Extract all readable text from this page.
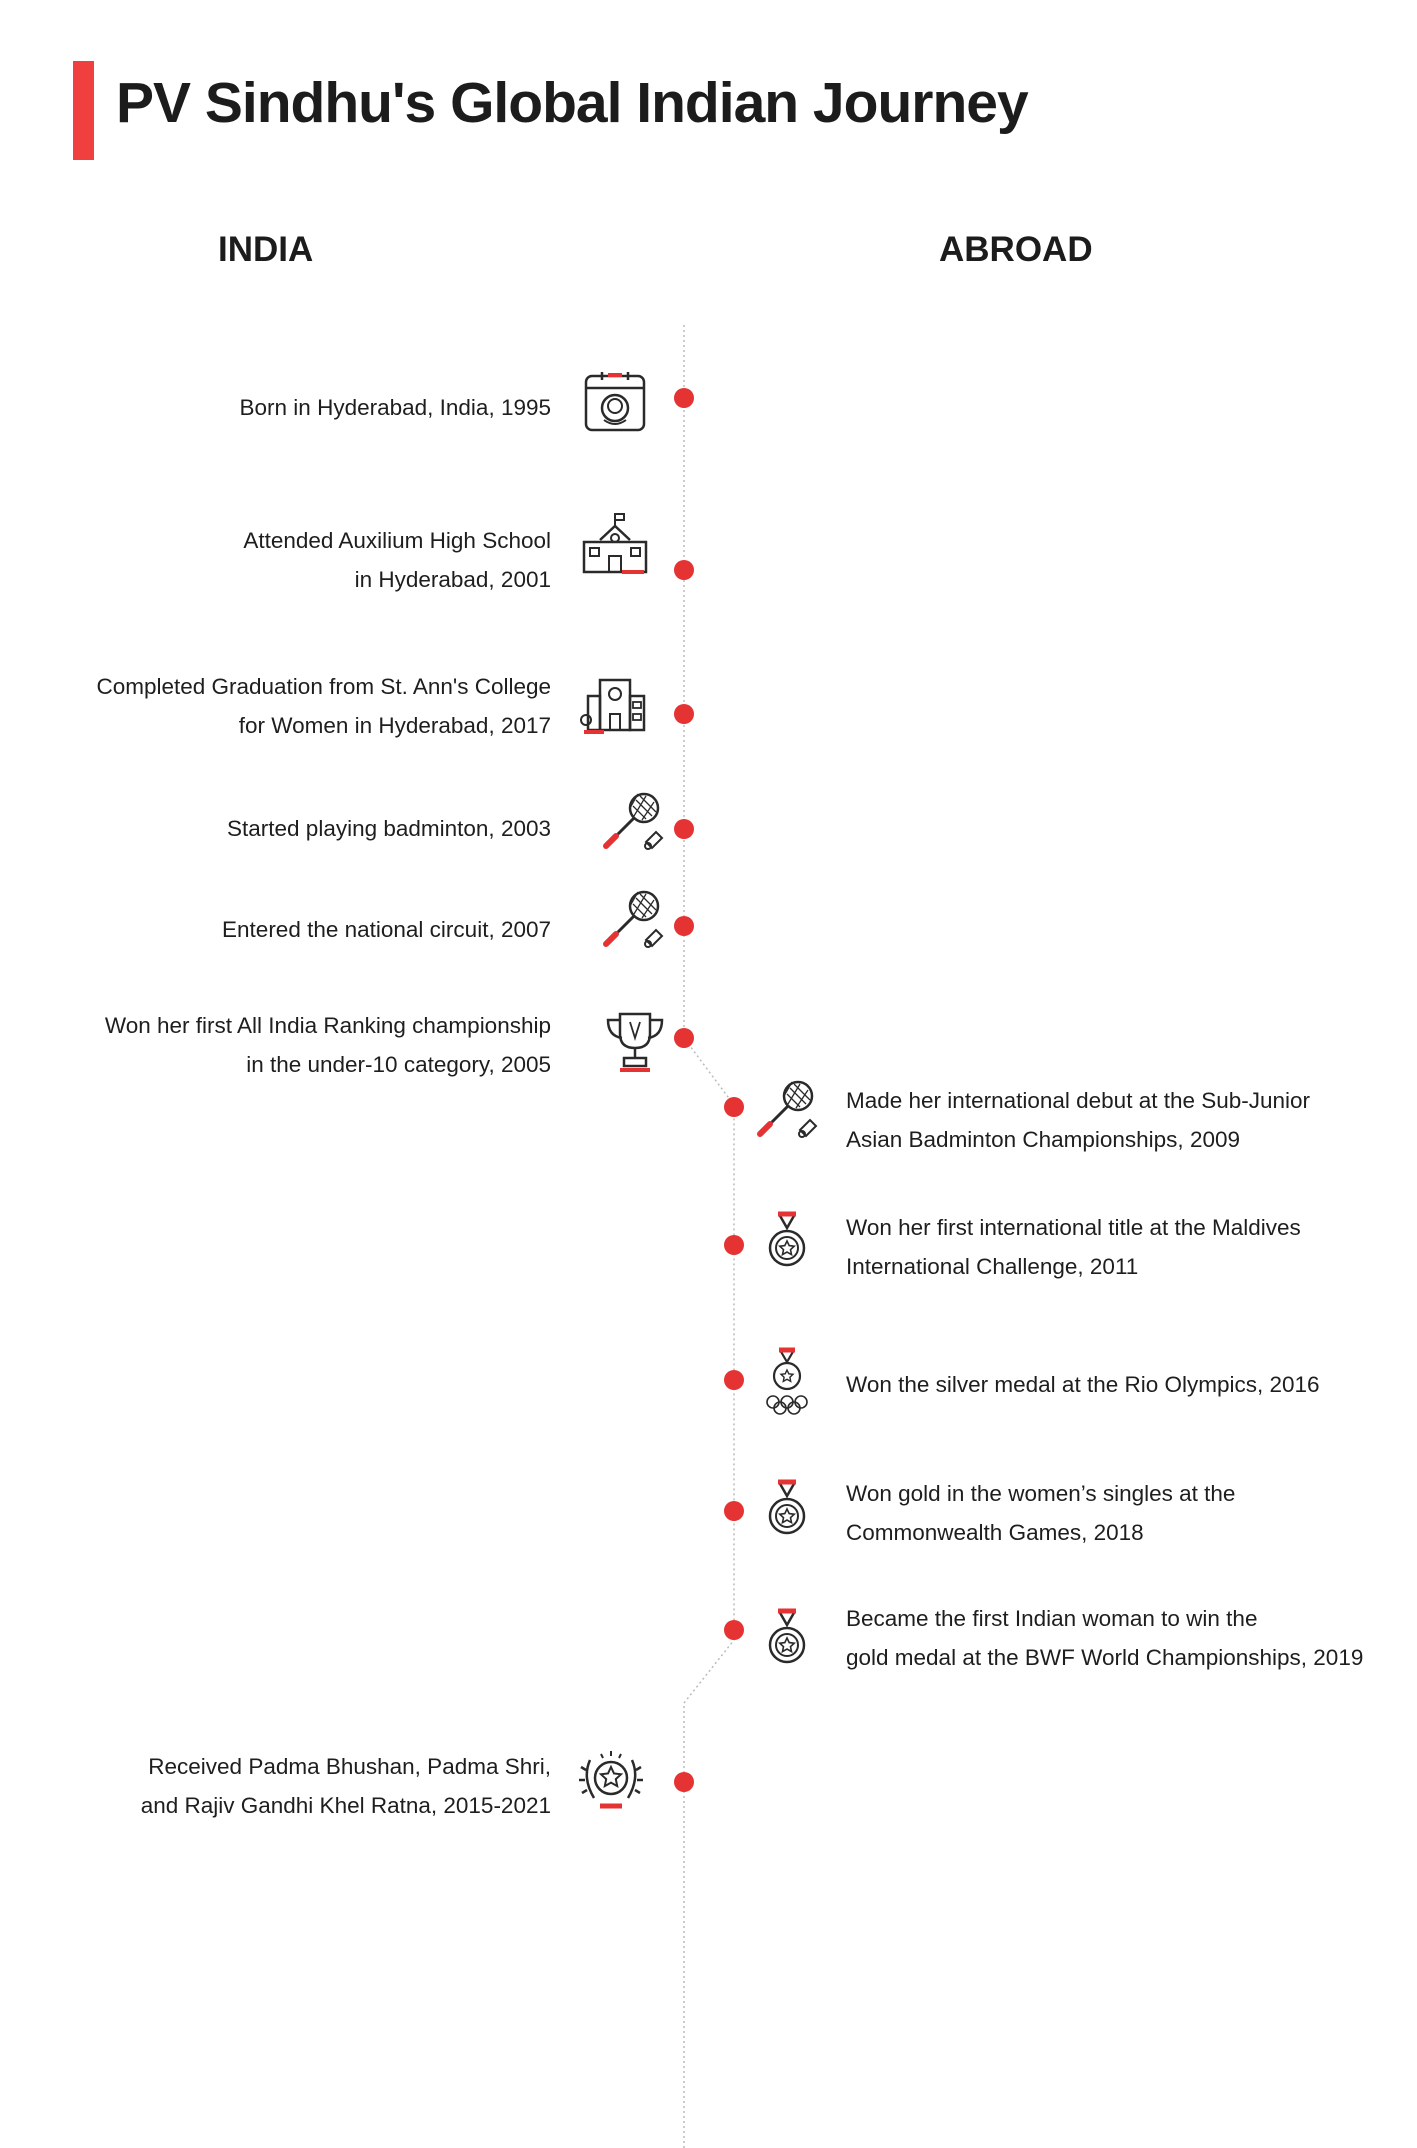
PV Sindhu's Global Indian Journey
INDIA	ABROAD
Born in Hyderabad, India, 1995
Attended Auxilium High School
in Hyderabad, 2001
Completed Graduation from St. Ann's College
for Women in Hyderabad, 2017
Started playing badminton, 2003
Entered the national circuit, 2007
Won her first All India Ranking championship
in the under-10 category, 2005
Made her international debut at the Sub-Junior
Asian Badminton Championships, 2009
Won her first international title at the Maldives
International Challenge, 2011
Won the silver medal at the Rio Olympics, 2016
Won gold in the women’s singles at the
Commonwealth Games, 2018
Became the first Indian woman to win the
gold medal at the BWF World Championships, 2019
Received Padma Bhushan, Padma Shri,
and Rajiv Gandhi Khel Ratna, 2015-2021
